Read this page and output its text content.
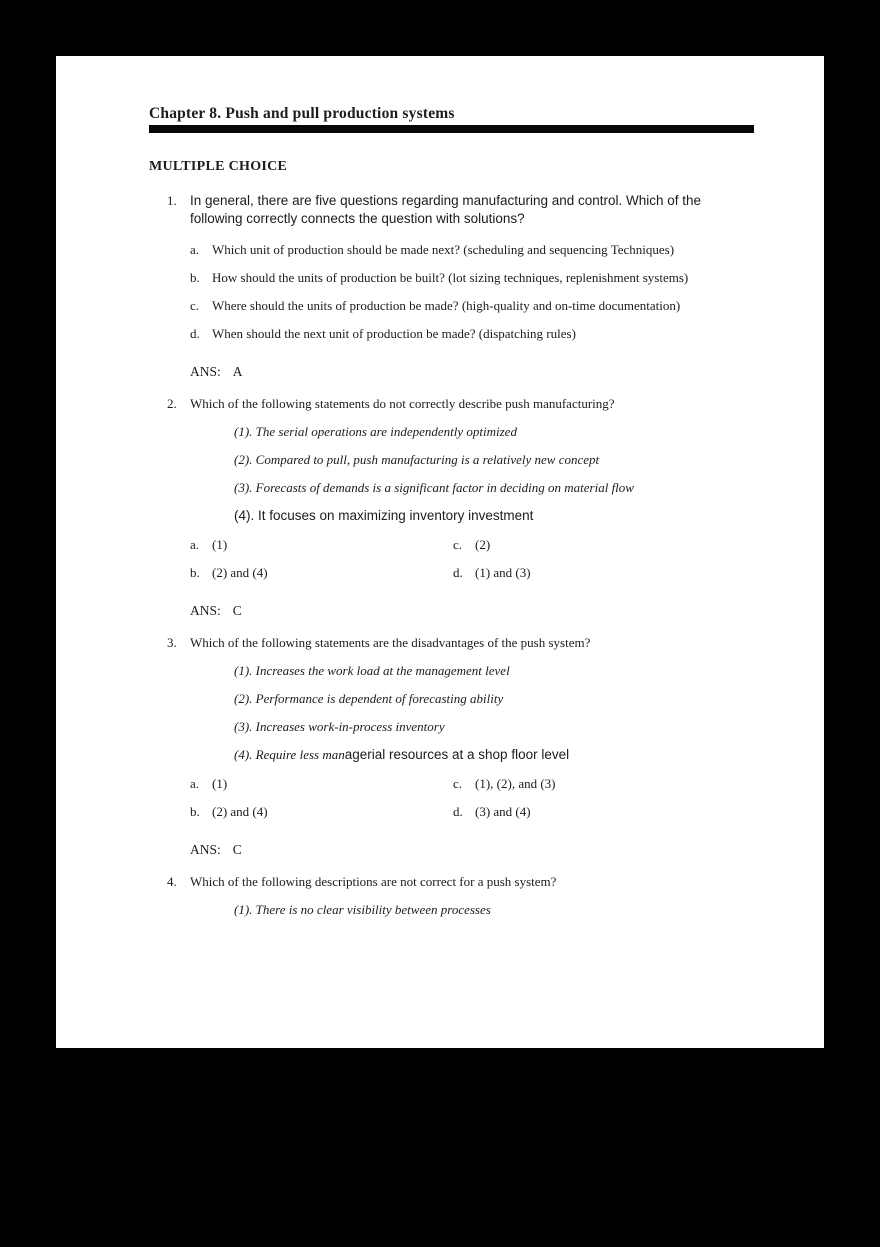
Chapter 8. Push and pull production systems
MULTIPLE CHOICE
1. In general, there are five questions regarding manufacturing and control. Which of the following correctly connects the question with solutions?
a. Which unit of production should be made next? (scheduling and sequencing Techniques)
b. How should the units of production be built? (lot sizing techniques, replenishment systems)
c. Where should the units of production be made? (high-quality and on-time documentation)
d. When should the next unit of production be made? (dispatching rules)
ANS: A
2.	Which of the following statements do not correctly describe push manufacturing?
(1). The serial operations are independently optimized
(2). Compared to pull, push manufacturing is a relatively new concept
(3). Forecasts of demands is a significant factor in deciding on material flow
(4). It focuses on maximizing inventory investment
a. (1)	c. (2)
b. (2) and (4)	d. (1) and (3)
ANS: C
3.	Which of the following statements are the disadvantages of the push system?
(1). Increases the work load at the management level
(2). Performance is dependent of forecasting ability
(3). Increases work-in-process inventory
(4). Require less managerial resources at a shop floor level
a. (1)	c. (1), (2), and (3)
b. (2) and (4)	d. (3) and (4)
ANS: C
4.	Which of the following descriptions are not correct for a push system?
(1). There is no clear visibility between processes
